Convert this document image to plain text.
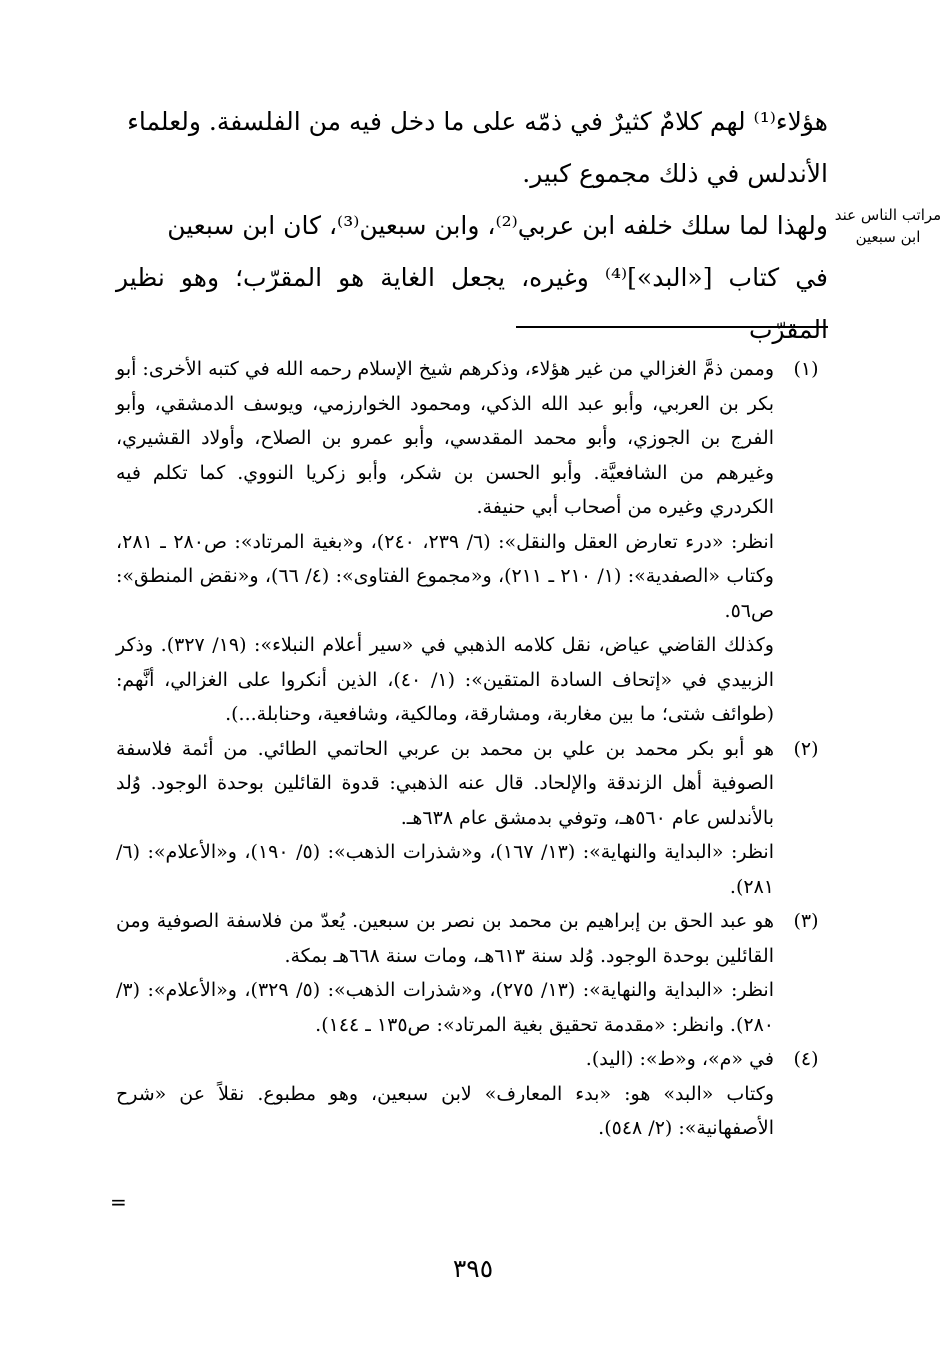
هؤلاء⁽¹⁾ لهم كلامٌ كثيرٌ في ذمّه على ما دخل فيه من الفلسفة. ولعلماء

الأندلس في ذلك مجموع كبير.

ولهذا لما سلك خلفه ابن عربي⁽²⁾، وابن سبعين⁽³⁾، كان ابن سبعين

في كتاب [«البد»]⁽⁴⁾ وغيره، يجعل الغاية هو المقرّب؛ وهو نظير المقرّب

مراتب الناس عند ابن سبعين
(١)

وممن ذمَّ الغزالي من غير هؤلاء، وذكرهم شيخ الإسلام رحمه الله في كتبه الأخرى: أبو بكر بن العربي، وأبو عبد الله الذكي، ومحمود الخوارزمي، ويوسف الدمشقي، وأبو الفرج بن الجوزي، وأبو محمد المقدسي، وأبو عمرو بن الصلاح، وأولاد القشيري، وغيرهم من الشافعيَّة. وأبو الحسن بن شكر، وأبو زكريا النووي. كما تكلم فيه الكردري وغيره من أصحاب أبي حنيفة.

انظر: «درء تعارض العقل والنقل»: (٦/ ٢٣٩، ٢٤٠)، و«بغية المرتاد»: ص٢٨٠ ـ ٢٨١، وكتاب «الصفدية»: (١/ ٢١٠ ـ ٢١١)، و«مجموع الفتاوى»: (٤/ ٦٦)، و«نقض المنطق»: ص٥٦.

وكذلك القاضي عياض، نقل كلامه الذهبي في «سير أعلام النبلاء»: (١٩/ ٣٢٧). وذكر الزبيدي في «إتحاف السادة المتقين»: (١/ ٤٠)، الذين أنكروا على الغزالي، أنَّهم: (طوائف شتى؛ ما بين مغاربة، ومشارقة، ومالكية، وشافعية، وحنابلة...).

(٢)

هو أبو بكر محمد بن علي بن محمد بن عربي الحاتمي الطائي. من أئمة فلاسفة الصوفية أهل الزندقة والإلحاد. قال عنه الذهبي: قدوة القائلين بوحدة الوجود. وُلد بالأندلس عام ٥٦٠هـ، وتوفي بدمشق عام ٦٣٨هـ.

انظر: «البداية والنهاية»: (١٣/ ١٦٧)، و«شذرات الذهب»: (٥/ ١٩٠)، و«الأعلام»: (٦/ ٢٨١).

(٣)

هو عبد الحق بن إبراهيم بن محمد بن نصر بن سبعين. يُعدّ من فلاسفة الصوفية ومن القائلين بوحدة الوجود. وُلد سنة ٦١٣هـ، ومات سنة ٦٦٨هـ بمكة.

انظر: «البداية والنهاية»: (١٣/ ٢٧٥)، و«شذرات الذهب»: (٥/ ٣٢٩)، و«الأعلام»: (٣/ ٢٨٠). وانظر: «مقدمة تحقيق بغية المرتاد»: ص١٣٥ ـ ١٤٤).

(٤)

في «م»، و«ط»: (اليد).

وكتاب «البد» هو: «بدء المعارف» لابن سبعين، وهو مطبوع. نقلاً عن «شرح الأصفهانية»: (٢/ ٥٤٨).

=
٣٩٥
